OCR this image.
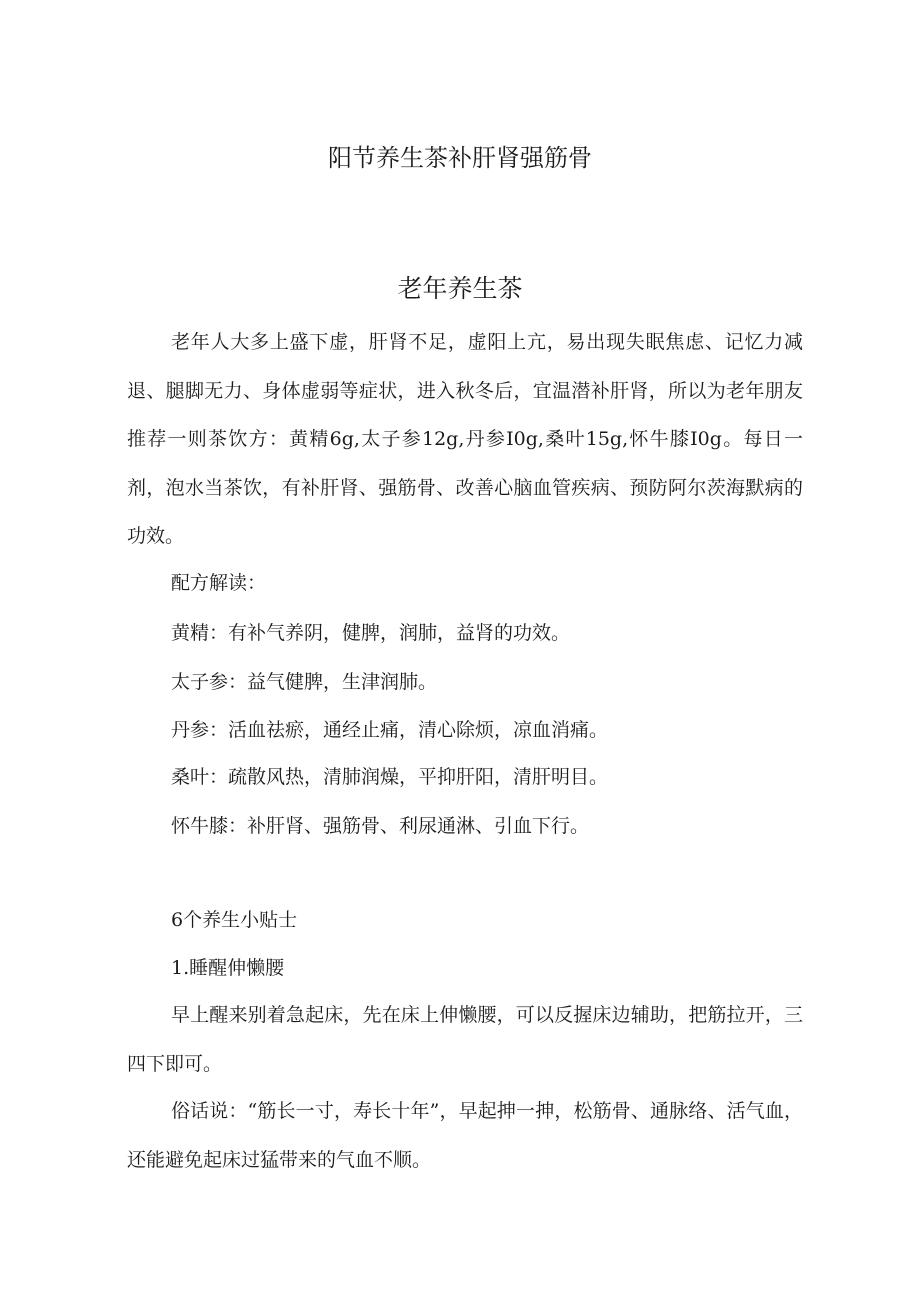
阳节养生茶补肝肾强筋骨
老年养生茶

老年人大多上盛下虚，肝肾不足，虚阳上亢，易出现失眠焦虑、记忆力减退、腿脚无力、身体虚弱等症状，进入秋冬后，宜温潜补肝肾，所以为老年朋友推荐一则茶饮方：黄精6g,太子参12g,丹参I0g,桑叶15g,怀牛膝I0g。每日一剂，泡水当茶饮，有补肝肾、强筋骨、改善心脑血管疾病、预防阿尔茨海默病的功效。

配方解读：
黄精：有补气养阴，健脾，润肺，益肾的功效。
太子参：益气健脾，生津润肺。
丹参：活血祛瘀，通经止痛，清心除烦，凉血消痛。
桑叶：疏散风热，清肺润燥，平抑肝阳，清肝明目。
怀牛膝：补肝肾、强筋骨、利尿通淋、引血下行。
6个养生小贴士
1.睡醒伸懒腰

早上醒来别着急起床，先在床上伸懒腰，可以反握床边辅助，把筋拉开，三四下即可。

俗话说：“筋长一寸，寿长十年”，早起抻一抻，松筋骨、通脉络、活气血，还能避免起床过猛带来的气血不顺。
